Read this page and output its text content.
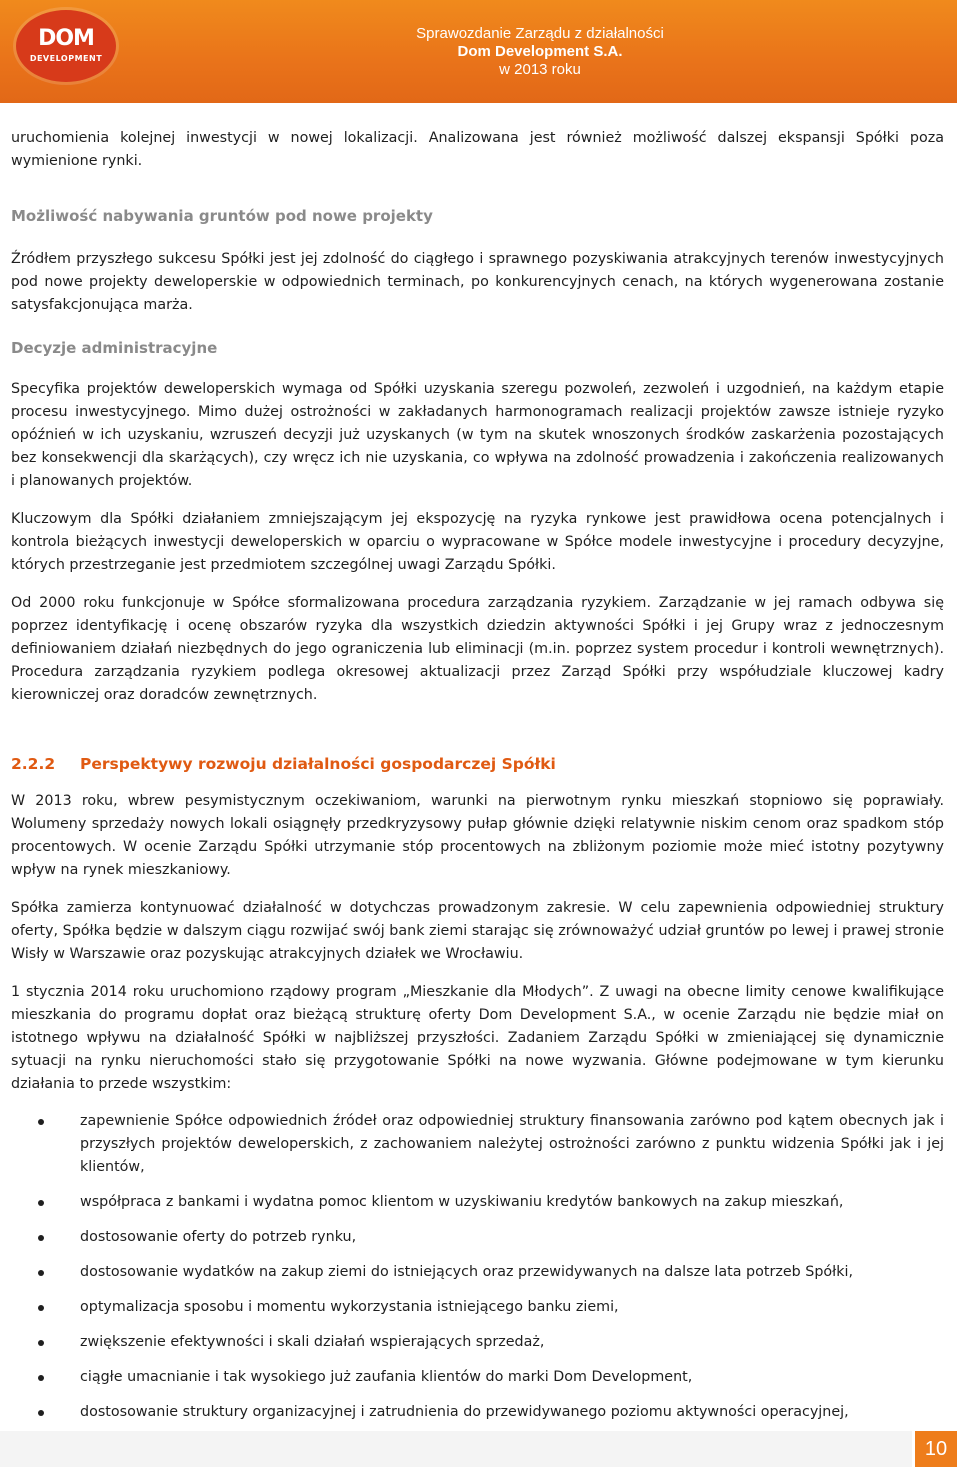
DOM
DEVELOPMENT
Sprawozdanie Zarządu z działalności
Dom Development S.A.
w 2013 roku

uruchomienia kolejnej inwestycji w nowej lokalizacji. Analizowana jest również możliwość dalszej ekspansji Spółki poza wymienione rynki.

Możliwość nabywania gruntów pod nowe projekty

Źródłem przyszłego sukcesu Spółki jest jej zdolność do ciągłego i sprawnego pozyskiwania atrakcyjnych terenów inwestycyjnych pod nowe projekty deweloperskie w odpowiednich terminach, po konkurencyjnych cenach, na których wygenerowana zostanie satysfakcjonująca marża.

Decyzje administracyjne

Specyfika projektów deweloperskich wymaga od Spółki uzyskania szeregu pozwoleń, zezwoleń i uzgodnień, na każdym etapie procesu inwestycyjnego. Mimo dużej ostrożności w zakładanych harmonogramach realizacji projektów zawsze istnieje ryzyko opóźnień w ich uzyskaniu, wzruszeń decyzji już uzyskanych (w tym na skutek wnoszonych środków zaskarżenia pozostających bez konsekwencji dla skarżących), czy wręcz ich nie uzyskania, co wpływa na zdolność prowadzenia i zakończenia realizowanych i planowanych projektów.

Kluczowym dla Spółki działaniem zmniejszającym jej ekspozycję na ryzyka rynkowe jest prawidłowa ocena potencjalnych i kontrola bieżących inwestycji deweloperskich w oparciu o wypracowane w Spółce modele inwestycyjne i procedury decyzyjne, których przestrzeganie jest przedmiotem szczególnej uwagi Zarządu Spółki.

Od 2000 roku funkcjonuje w Spółce sformalizowana procedura zarządzania ryzykiem. Zarządzanie w jej ramach odbywa się poprzez identyfikację i ocenę obszarów ryzyka dla wszystkich dziedzin aktywności Spółki i jej Grupy wraz z jednoczesnym definiowaniem działań niezbędnych do jego ograniczenia lub eliminacji (m.in. poprzez system procedur i kontroli wewnętrznych). Procedura zarządzania ryzykiem podlega okresowej aktualizacji przez Zarząd Spółki przy współudziale kluczowej kadry kierowniczej oraz doradców zewnętrznych.

2.2.2 Perspektywy rozwoju działalności gospodarczej Spółki

W 2013 roku, wbrew pesymistycznym oczekiwaniom, warunki na pierwotnym rynku mieszkań stopniowo się poprawiały. Wolumeny sprzedaży nowych lokali osiągnęły przedkryzysowy pułap głównie dzięki relatywnie niskim cenom oraz spadkom stóp procentowych. W ocenie Zarządu Spółki utrzymanie stóp procentowych na zbliżonym poziomie może mieć istotny pozytywny wpływ na rynek mieszkaniowy.

Spółka zamierza kontynuować działalność w dotychczas prowadzonym zakresie. W celu zapewnienia odpowiedniej struktury oferty, Spółka będzie w dalszym ciągu rozwijać swój bank ziemi starając się zrównoważyć udział gruntów po lewej i prawej stronie Wisły w Warszawie oraz pozyskując atrakcyjnych działek we Wrocławiu.

1 stycznia 2014 roku uruchomiono rządowy program „Mieszkanie dla Młodych”. Z uwagi na obecne limity cenowe kwalifikujące mieszkania do programu dopłat oraz bieżącą strukturę oferty Dom Development S.A., w ocenie Zarządu nie będzie miał on istotnego wpływu na działalność Spółki w najbliższej przyszłości. Zadaniem Zarządu Spółki w zmieniającej się dynamicznie sytuacji na rynku nieruchomości stało się przygotowanie Spółki na nowe wyzwania. Główne podejmowane w tym kierunku działania to przede wszystkim:

zapewnienie Spółce odpowiednich źródeł oraz odpowiedniej struktury finansowania zarówno pod kątem obecnych jak i przyszłych projektów deweloperskich, z zachowaniem należytej ostrożności zarówno z punktu widzenia Spółki jak i jej klientów,
współpraca z bankami i wydatna pomoc klientom w uzyskiwaniu kredytów bankowych na zakup mieszkań,
dostosowanie oferty do potrzeb rynku,
dostosowanie wydatków na zakup ziemi do istniejących oraz przewidywanych na dalsze lata potrzeb Spółki,
optymalizacja sposobu i momentu wykorzystania istniejącego banku ziemi,
zwiększenie efektywności i skali działań wspierających sprzedaż,
ciągłe umacnianie i tak wysokiego już zaufania klientów do marki Dom Development,
dostosowanie struktury organizacyjnej i zatrudnienia do przewidywanego poziomu aktywności operacyjnej,
10
